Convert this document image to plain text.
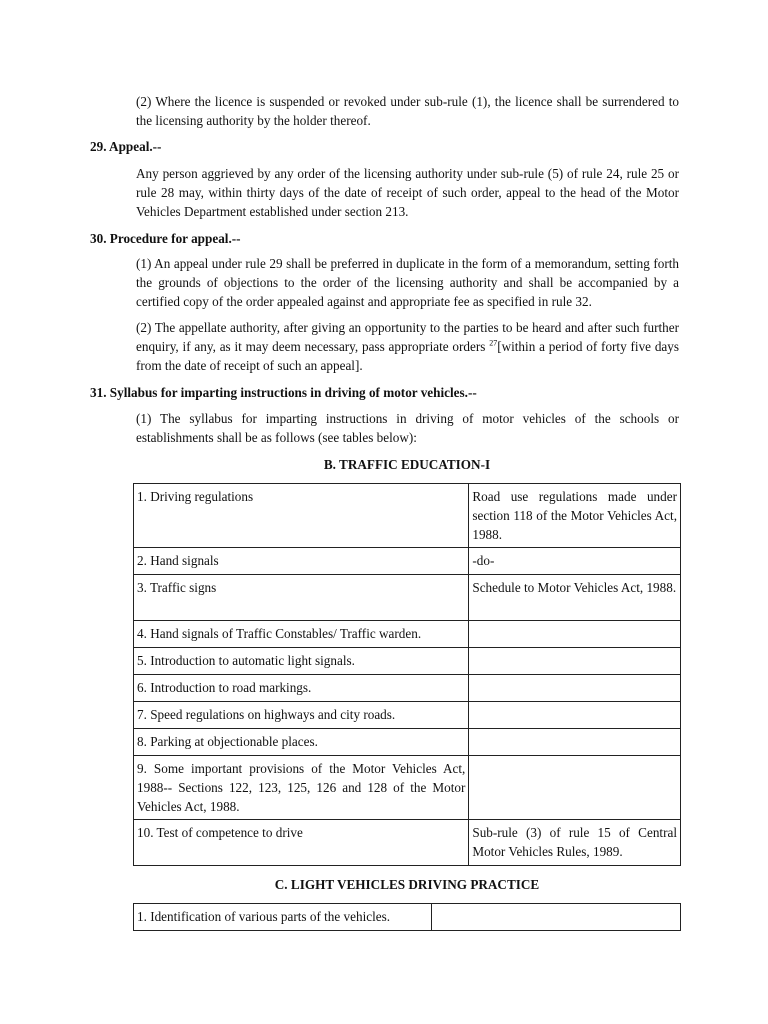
(2) Where the licence is suspended or revoked under sub-rule (1), the licence shall be surrendered to the licensing authority by the holder thereof.

29. Appeal.--

Any person aggrieved by any order of the licensing authority under sub-rule (5) of rule 24, rule 25 or rule 28 may, within thirty days of the date of receipt of such order, appeal to the head of the Motor Vehicles Department established under section 213.

30. Procedure for appeal.--

(1) An appeal under rule 29 shall be preferred in duplicate in the form of a memorandum, setting forth the grounds of objections to the order of the licensing authority and shall be accompanied by a certified copy of the order appealed against and appropriate fee as specified in rule 32.

(2) The appellate authority, after giving an opportunity to the parties to be heard and after such further enquiry, if any, as it may deem necessary, pass appropriate orders $^{27}$[within a period of forty five days from the date of receipt of such an appeal].

31. Syllabus for imparting instructions in driving of motor vehicles.--

(1) The syllabus for imparting instructions in driving of motor vehicles of the schools or establishments shall be as follows (see tables below):

B. TRAFFIC EDUCATION-I

1. Driving regulations	Road use regulations made under section 118 of the Motor Vehicles Act, 1988.
2. Hand signals	-do-
3. Traffic signs	Schedule to Motor Vehicles Act, 1988.
4. Hand signals of Traffic Constables/ Traffic warden.	
5. Introduction to automatic light signals.	
6. Introduction to road markings.	
7. Speed regulations on highways and city roads.	
8. Parking at objectionable places.	
9. Some important provisions of the Motor Vehicles Act, 1988-- Sections 122, 123, 125, 126 and 128 of the Motor Vehicles Act, 1988.	
10. Test of competence to drive	Sub-rule (3) of rule 15 of Central Motor Vehicles Rules, 1989.

C. LIGHT VEHICLES DRIVING PRACTICE

1. Identification of various parts of the vehicles.	
